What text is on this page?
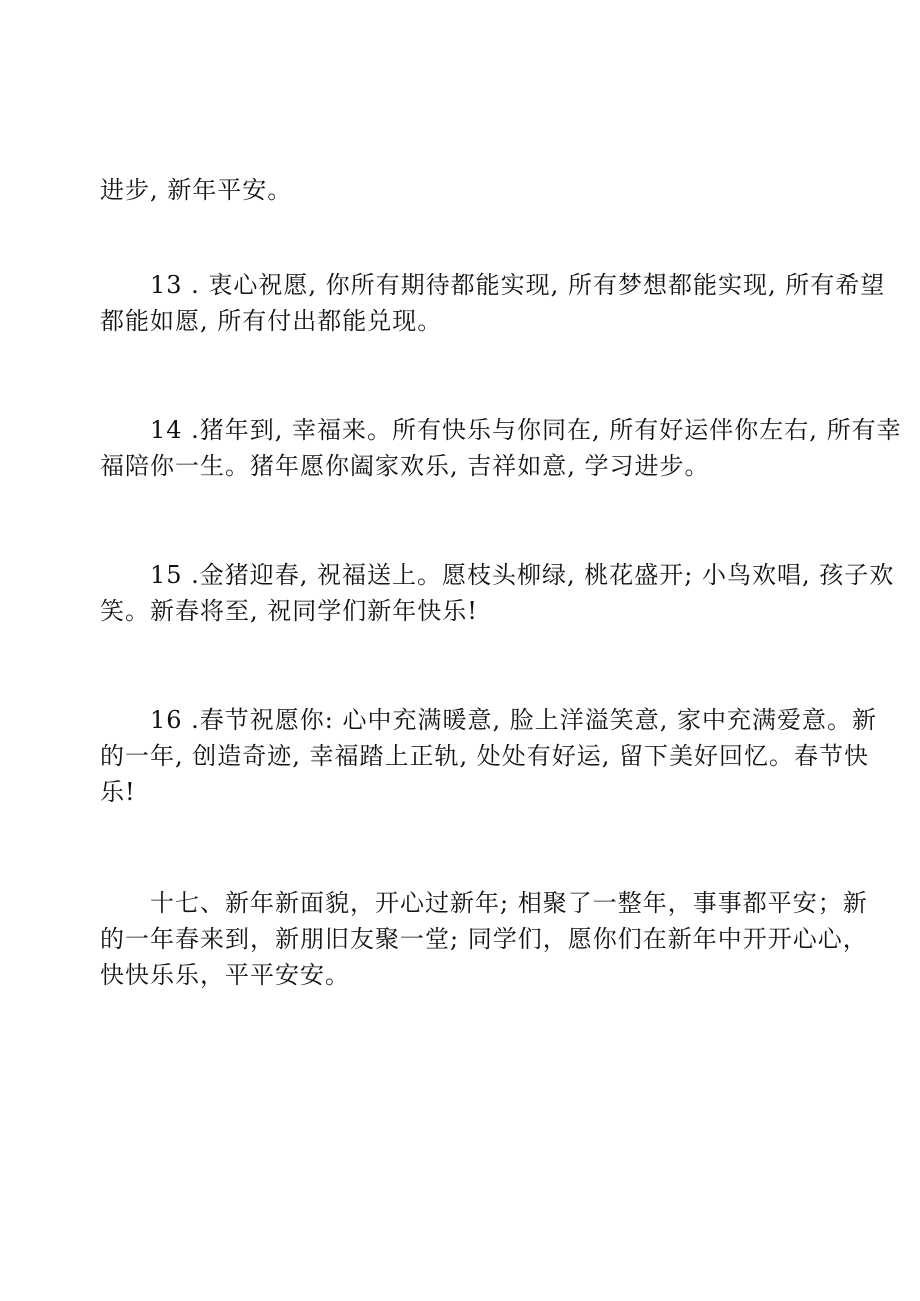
进步, 新年平安。

13 . 衷心祝愿, 你所有期待都能实现, 所有梦想都能实现, 所有希望
都能如愿, 所有付出都能兑现。

14 .猪年到, 幸福来。所有快乐与你同在, 所有好运伴你左右, 所有幸
福陪你一生。猪年愿你阖家欢乐, 吉祥如意, 学习进步。

15 .金猪迎春, 祝福送上。愿枝头柳绿, 桃花盛开; 小鸟欢唱, 孩子欢
笑。新春将至, 祝同学们新年快乐!

16 .春节祝愿你: 心中充满暖意, 脸上洋溢笑意, 家中充满爱意。新
的一年, 创造奇迹, 幸福踏上正轨, 处处有好运, 留下美好回忆。春节快
乐!

十七、新年新面貌，开心过新年; 相聚了一整年，事事都平安；新
的一年春来到，新朋旧友聚一堂; 同学们，愿你们在新年中开开心心，
快快乐乐，平平安安。
